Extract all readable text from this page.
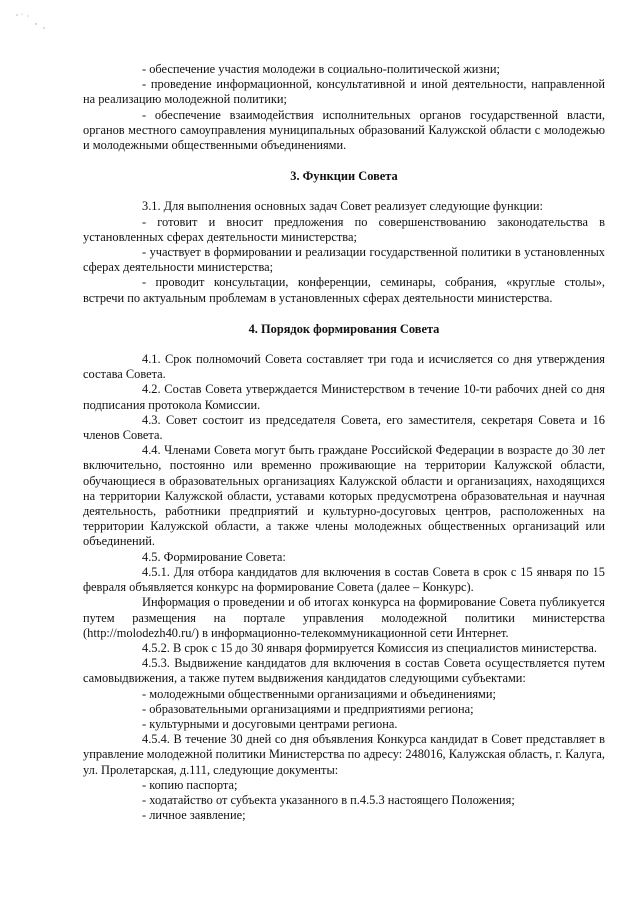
- обеспечение участия молодежи в социально-политической жизни;

- проведение информационной, консультативной и иной деятельности, направленной на реализацию молодежной политики;

- обеспечение взаимодействия исполнительных органов государственной власти, органов местного самоуправления муниципальных образований Калужской области с молодежью и молодежными общественными объединениями.

3. Функции Совета

3.1. Для выполнения основных задач Совет реализует следующие функции:

- готовит и вносит предложения по совершенствованию законодательства в установленных сферах деятельности министерства;

- участвует в формировании и реализации государственной политики в установленных сферах деятельности министерства;

- проводит консультации, конференции, семинары, собрания, «круглые столы», встречи по актуальным проблемам в установленных сферах деятельности министерства.

4. Порядок формирования Совета

4.1. Срок полномочий Совета составляет три года и исчисляется со дня утверждения состава Совета.

4.2. Состав Совета утверждается Министерством в течение 10-ти рабочих дней со дня подписания протокола Комиссии.

4.3. Совет состоит из председателя Совета, его заместителя, секретаря Совета и 16 членов Совета.

4.4. Членами Совета могут быть граждане Российской Федерации в возрасте до 30 лет включительно, постоянно или временно проживающие на территории Калужской области, обучающиеся в образовательных организациях Калужской области и организациях, находящихся на территории Калужской области, уставами которых предусмотрена образовательная и научная деятельность, работники предприятий и культурно-досуговых центров, расположенных на территории Калужской области, а также члены молодежных общественных организаций или объединений.

4.5. Формирование Совета:

4.5.1. Для отбора кандидатов для включения в состав Совета в срок с 15 января по 15 февраля объявляется конкурс на формирование Совета (далее – Конкурс).

Информация о проведении и об итогах конкурса на формирование Совета публикуется путем размещения на портале управления молодежной политики министерства (http://molodezh40.ru/) в информационно-телекоммуникационной сети Интернет.

4.5.2. В срок с 15 до 30 января формируется Комиссия из специалистов министерства.

4.5.3. Выдвижение кандидатов для включения в состав Совета осуществляется путем самовыдвижения, а также путем выдвижения кандидатов следующими субъектами:

- молодежными общественными организациями и объединениями;

- образовательными организациями и предприятиями региона;

- культурными и досуговыми центрами региона.

4.5.4. В течение 30 дней со дня объявления Конкурса кандидат в Совет представляет в управление молодежной политики Министерства по адресу: 248016, Калужская область, г. Калуга, ул. Пролетарская, д.111, следующие документы:

- копию паспорта;

- ходатайство от субъекта указанного в п.4.5.3 настоящего Положения;

- личное заявление;
